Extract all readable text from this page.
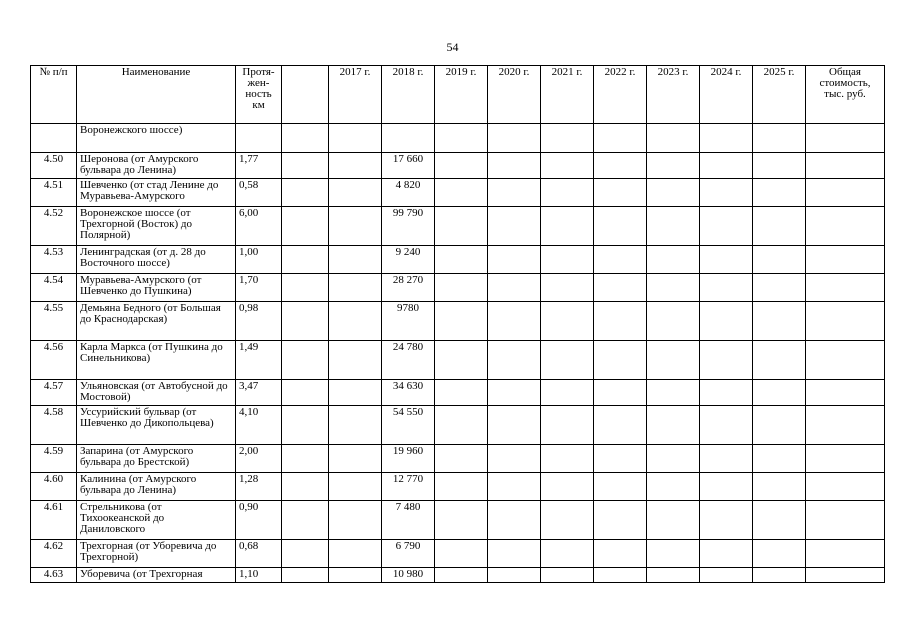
54
№ п/п	Наименование	Протя-
жен-
ность
км		2017 г.	2018 г.	2019 г.	2020 г.	2021 г.	2022 г.	2023 г.	2024 г.	2025 г.	Общая
стоимость,
тыс. руб.
	Воронежского шоссе)												
4.50	Шеронова (от Амурского бульвара до Ленина)	1,77			17 660								
4.51	Шевченко (от стад Ленине до Муравьева-Амурского	0,58			4 820								
4.52	Воронежское шоссе (от Трехгорной (Восток) до Полярной)	6,00			99 790								
4.53	Ленинградская (от д. 28 до Восточного шоссе)	1,00			9 240								
4.54	Муравьева-Амурского (от Шевченко до Пушкина)	1,70			28 270								
4.55	Демьяна Бедного (от Большая до Краснодарская)	0,98			9780								
4.56	Карла Маркса (от Пушкина до Синельникова)	1,49			24 780								
4.57	Ульяновская (от Автобусной до Мостовой)	3,47			34 630								
4.58	Уссурийский бульвар (от Шевченко до Дикопольцева)	4,10			54 550								
4.59	Запарина (от Амурского бульвара до Брестской)	2,00			19 960								
4.60	Калинина (от Амурского бульвара до Ленина)	1,28			12 770								
4.61	Стрельникова (от Тихоокеанской до Даниловского	0,90			7 480								
4.62	Трехгорная (от Уборевича до Трехгорной)	0,68			6 790								
4.63	Уборевича (от Трехгорная	1,10			10 980								
